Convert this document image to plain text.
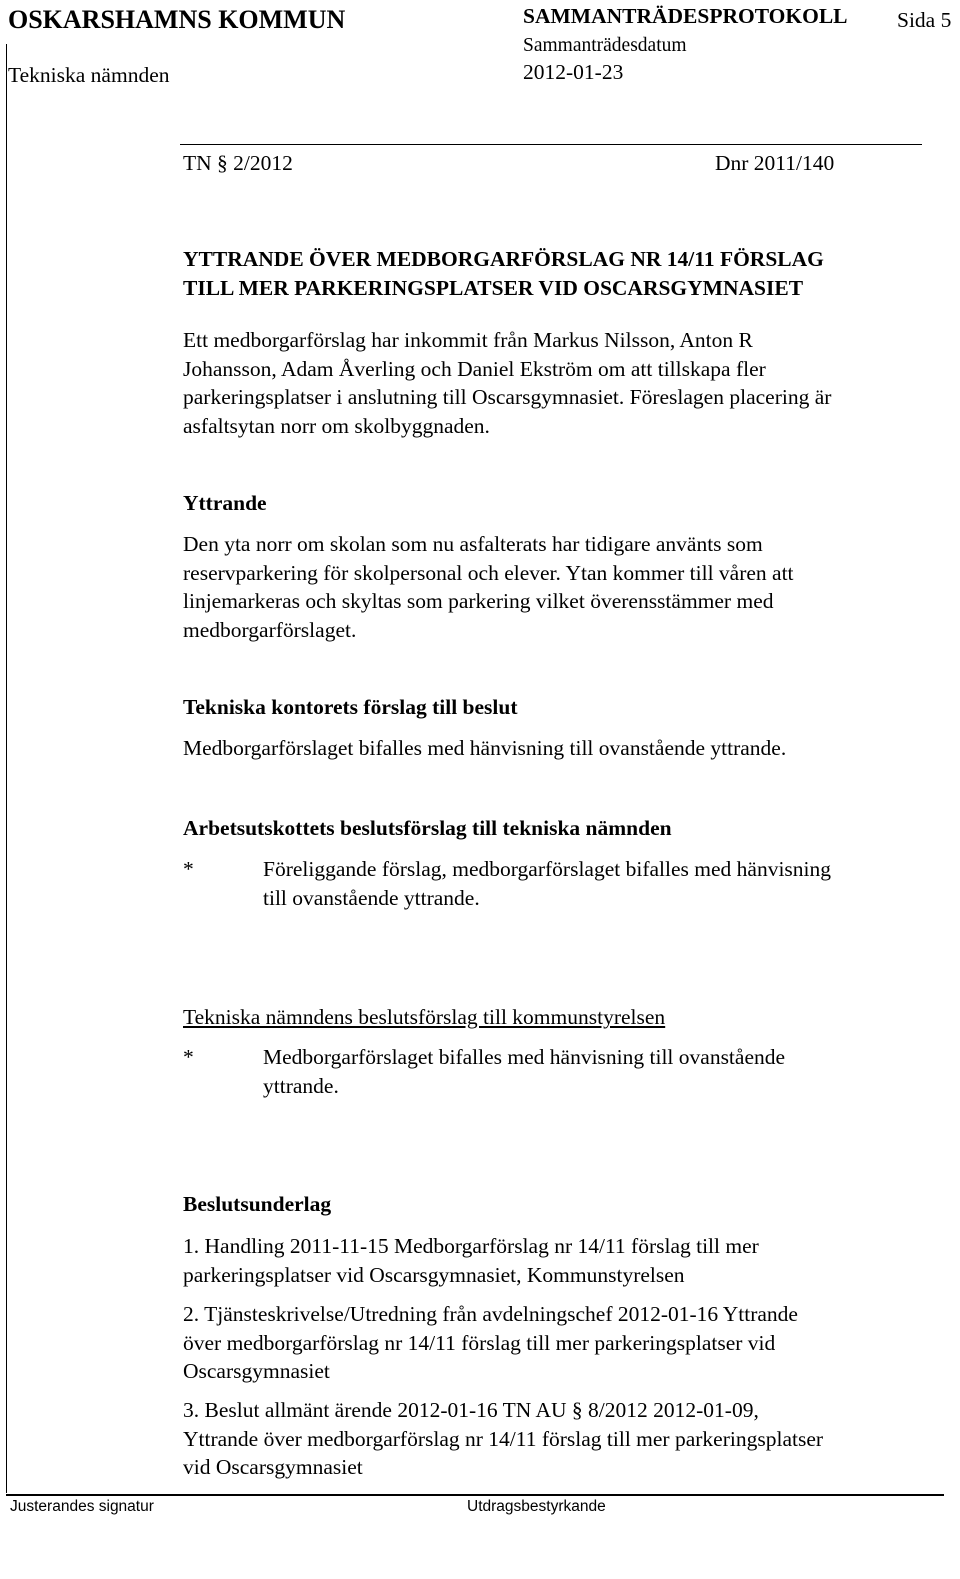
OSKARSHAMNS KOMMUN
Tekniska nämnden
SAMMANTRÄDESPROTOKOLL
Sammanträdesdatum
2012-01-23
Sida 5
TN § 2/2012	Dnr 2011/140
YTTRANDE ÖVER MEDBORGARFÖRSLAG NR 14/11 FÖRSLAG
TILL MER PARKERINGSPLATSER VID OSCARSGYMNASIET
Ett medborgarförslag har inkommit från Markus Nilsson, Anton R
Johansson, Adam Åverling och Daniel Ekström om att tillskapa fler
parkeringsplatser i anslutning till Oscarsgymnasiet. Föreslagen placering är
asfaltsytan norr om skolbyggnaden.
Yttrande
Den yta norr om skolan som nu asfalterats har tidigare använts som
reservparkering för skolpersonal och elever. Ytan kommer till våren att
linjemarkeras och skyltas som parkering vilket överensstämmer med
medborgarförslaget.
Tekniska kontorets förslag till beslut
Medborgarförslaget bifalles med hänvisning till ovanstående yttrande.
Arbetsutskottets beslutsförslag till tekniska nämnden
*	Föreliggande förslag, medborgarförslaget bifalles med hänvisning
till ovanstående yttrande.
Tekniska nämndens beslutsförslag till kommunstyrelsen
*	Medborgarförslaget bifalles med hänvisning till ovanstående
yttrande.
Beslutsunderlag
1. Handling 2011-11-15 Medborgarförslag nr 14/11 förslag till mer
parkeringsplatser vid Oscarsgymnasiet, Kommunstyrelsen
2. Tjänsteskrivelse/Utredning från avdelningschef 2012-01-16 Yttrande
över medborgarförslag nr 14/11 förslag till mer parkeringsplatser vid
Oscarsgymnasiet
3. Beslut allmänt ärende 2012-01-16 TN AU § 8/2012 2012-01-09,
Yttrande över medborgarförslag nr 14/11 förslag till mer parkeringsplatser
vid Oscarsgymnasiet
Justerandes signatur	Utdragsbestyrkande
